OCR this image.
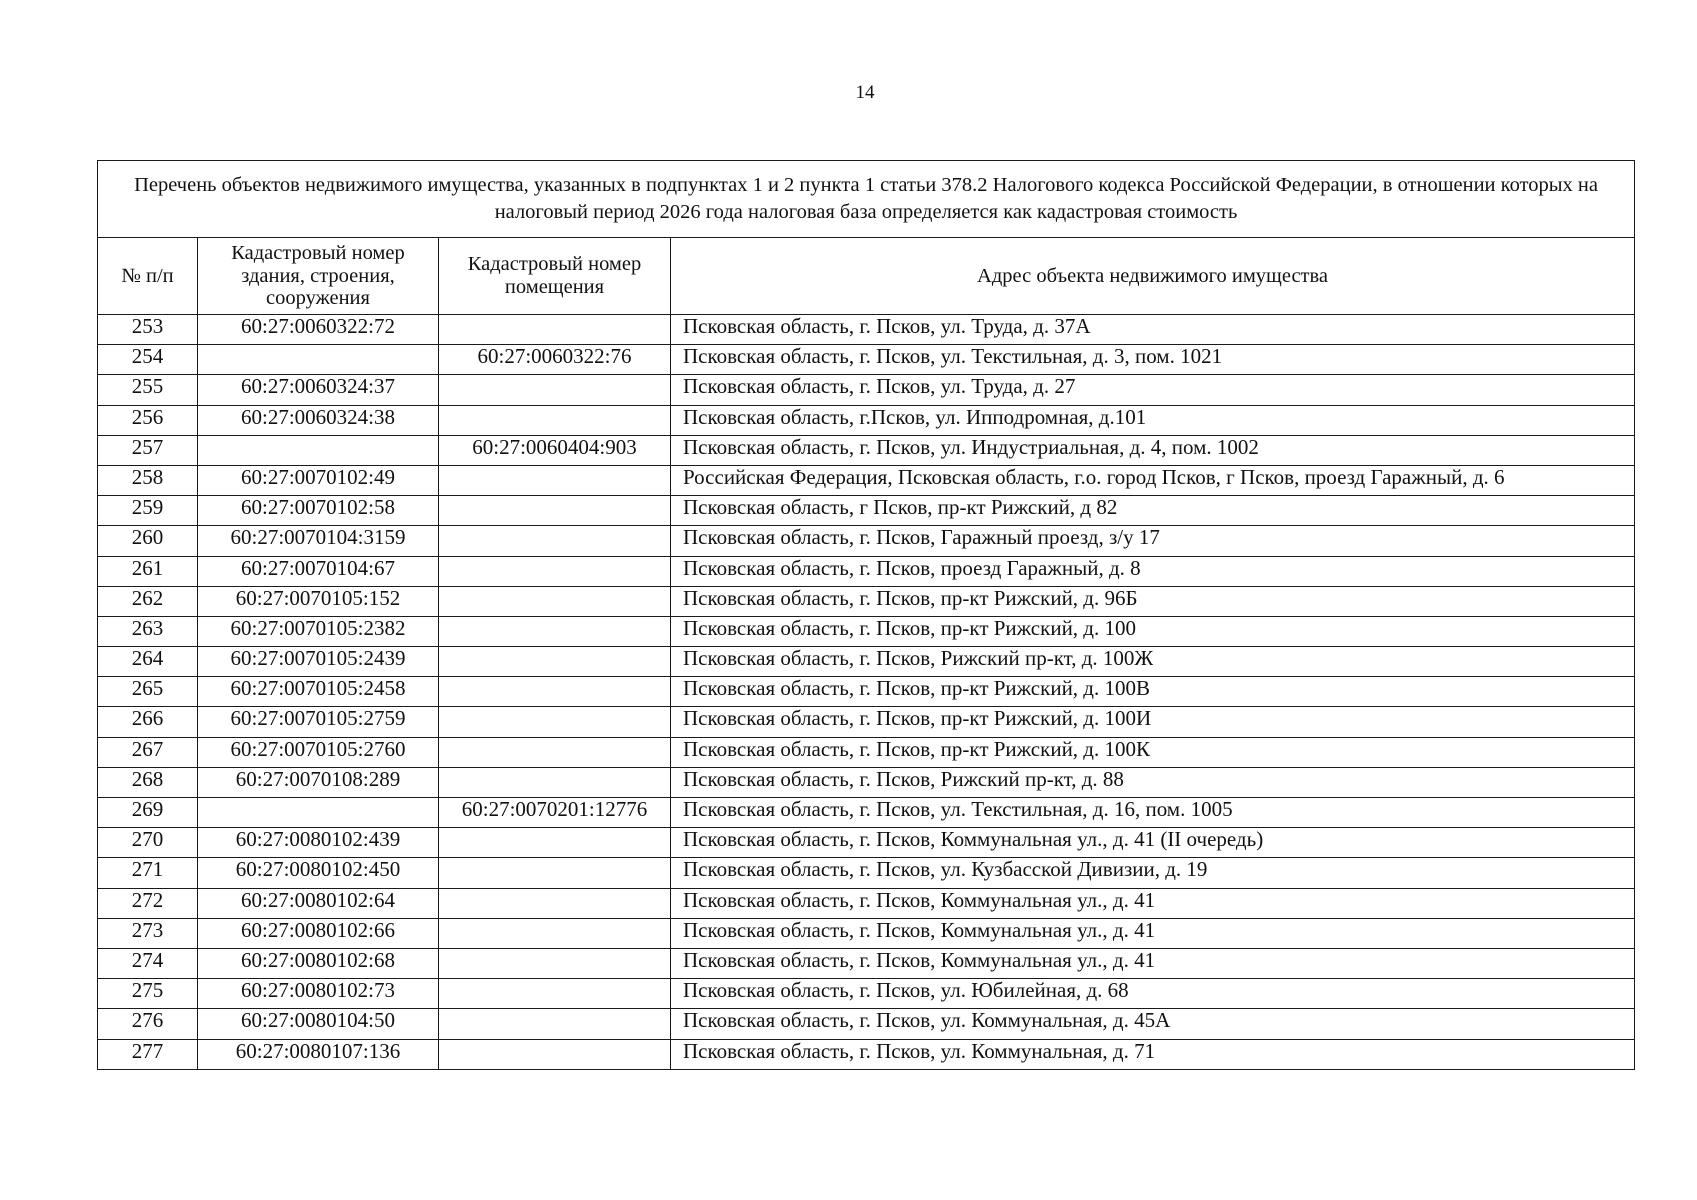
14
Перечень объектов недвижимого имущества, указанных в подпунктах 1 и 2 пункта 1 статьи 378.2 Налогового кодекса Российской Федерации, в отношении которых на налоговый период 2026 года налоговая база определяется как кадастровая стоимость			
№ п/п	Кадастровый номер здания, строения, сооружения	Кадастровый номер помещения	Адрес объекта недвижимого имущества
253	60:27:0060322:72		Псковская область, г. Псков, ул. Труда, д. 37А
254		60:27:0060322:76	Псковская область, г. Псков, ул. Текстильная, д. 3, пом. 1021
255	60:27:0060324:37		Псковская область, г. Псков, ул. Труда, д. 27
256	60:27:0060324:38		Псковская область, г.Псков, ул. Ипподромная, д.101
257		60:27:0060404:903	Псковская область, г. Псков, ул. Индустриальная, д. 4, пом. 1002
258	60:27:0070102:49		Российская Федерация, Псковская область, г.о. город Псков, г Псков, проезд Гаражный, д. 6
259	60:27:0070102:58		Псковская область, г Псков, пр-кт Рижский, д 82
260	60:27:0070104:3159		Псковская область, г. Псков, Гаражный проезд, з/у 17
261	60:27:0070104:67		Псковская область, г. Псков, проезд Гаражный, д. 8
262	60:27:0070105:152		Псковская область, г. Псков, пр-кт Рижский, д. 96Б
263	60:27:0070105:2382		Псковская область, г. Псков, пр-кт Рижский, д. 100
264	60:27:0070105:2439		Псковская область, г. Псков, Рижский пр-кт, д. 100Ж
265	60:27:0070105:2458		Псковская область, г. Псков, пр-кт Рижский, д. 100В
266	60:27:0070105:2759		Псковская область, г. Псков, пр-кт Рижский, д. 100И
267	60:27:0070105:2760		Псковская область, г. Псков, пр-кт Рижский, д. 100К
268	60:27:0070108:289		Псковская область, г. Псков, Рижский пр-кт, д. 88
269		60:27:0070201:12776	Псковская область, г. Псков, ул. Текстильная, д. 16, пом. 1005
270	60:27:0080102:439		Псковская область, г. Псков, Коммунальная ул., д. 41 (II очередь)
271	60:27:0080102:450		Псковская область, г. Псков, ул. Кузбасской Дивизии, д. 19
272	60:27:0080102:64		Псковская область, г. Псков, Коммунальная ул., д. 41
273	60:27:0080102:66		Псковская область, г. Псков, Коммунальная ул., д. 41
274	60:27:0080102:68		Псковская область, г. Псков, Коммунальная ул., д. 41
275	60:27:0080102:73		Псковская область, г. Псков, ул. Юбилейная, д. 68
276	60:27:0080104:50		Псковская область, г. Псков, ул. Коммунальная, д. 45А
277	60:27:0080107:136		Псковская область, г. Псков, ул. Коммунальная, д. 71
